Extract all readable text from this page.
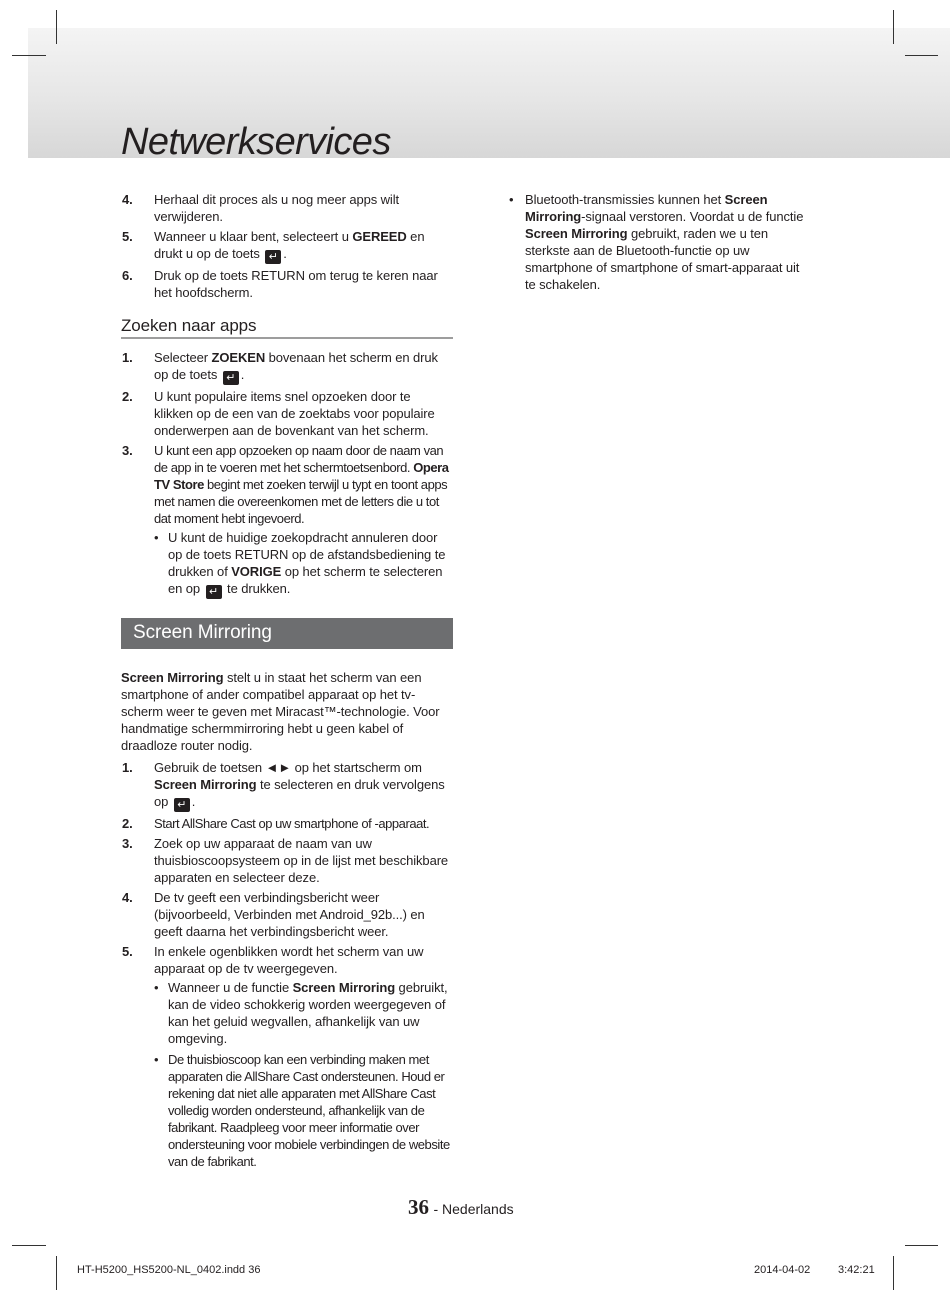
Netwerkservices
4. Herhaal dit proces als u nog meer apps wilt verwijderen.
5. Wanneer u klaar bent, selecteert u GEREED en drukt u op de toets ↵ .
6. Druk op de toets RETURN om terug te keren naar het hoofdscherm.
Zoeken naar apps
1. Selecteer ZOEKEN bovenaan het scherm en druk op de toets ↵ .
2. U kunt populaire items snel opzoeken door te klikken op de een van de zoektabs voor populaire onderwerpen aan de bovenkant van het scherm.
3. U kunt een app opzoeken op naam door de naam van de app in te voeren met het schermtoetsenbord. Opera TV Store begint met zoeken terwijl u typt en toont apps met namen die overeenkomen met de letters die u tot dat moment hebt ingevoerd.
• U kunt de huidige zoekopdracht annuleren door op de toets RETURN op de afstandsbediening te drukken of VORIGE op het scherm te selecteren en op ↵ te drukken.
Screen Mirroring

Screen Mirroring stelt u in staat het scherm van een smartphone of ander compatibel apparaat op het tv-scherm weer te geven met Miracast™-technologie. Voor handmatige schermmirroring hebt u geen kabel of draadloze router nodig.

1. Gebruik de toetsen ◄► op het startscherm om Screen Mirroring te selecteren en druk vervolgens op ↵ .
2. Start AllShare Cast op uw smartphone of -apparaat.
3. Zoek op uw apparaat de naam van uw thuisbioscoopsysteem op in de lijst met beschikbare apparaten en selecteer deze.
4. De tv geeft een verbindingsbericht weer (bijvoorbeeld, Verbinden met Android_92b...) en geeft daarna het verbindingsbericht weer.
5. In enkele ogenblikken wordt het scherm van uw apparaat op de tv weergegeven.
• Wanneer u de functie Screen Mirroring gebruikt, kan de video schokkerig worden weergegeven of kan het geluid wegvallen, afhankelijk van uw omgeving.
• De thuisbioscoop kan een verbinding maken met apparaten die AllShare Cast ondersteunen. Houd er rekening dat niet alle apparaten met AllShare Cast volledig worden ondersteund, afhankelijk van de fabrikant. Raadpleeg voor meer informatie over ondersteuning voor mobiele verbindingen de website van de fabrikant.
• Bluetooth-transmissies kunnen het Screen Mirroring-signaal verstoren. Voordat u de functie Screen Mirroring gebruikt, raden we u ten sterkste aan de Bluetooth-functie op uw smartphone of smartphone of smart-apparaat uit te schakelen.
36 - Nederlands
HT-H5200_HS5200-NL_0402.indd 36	2014-04-02	3:42:21
